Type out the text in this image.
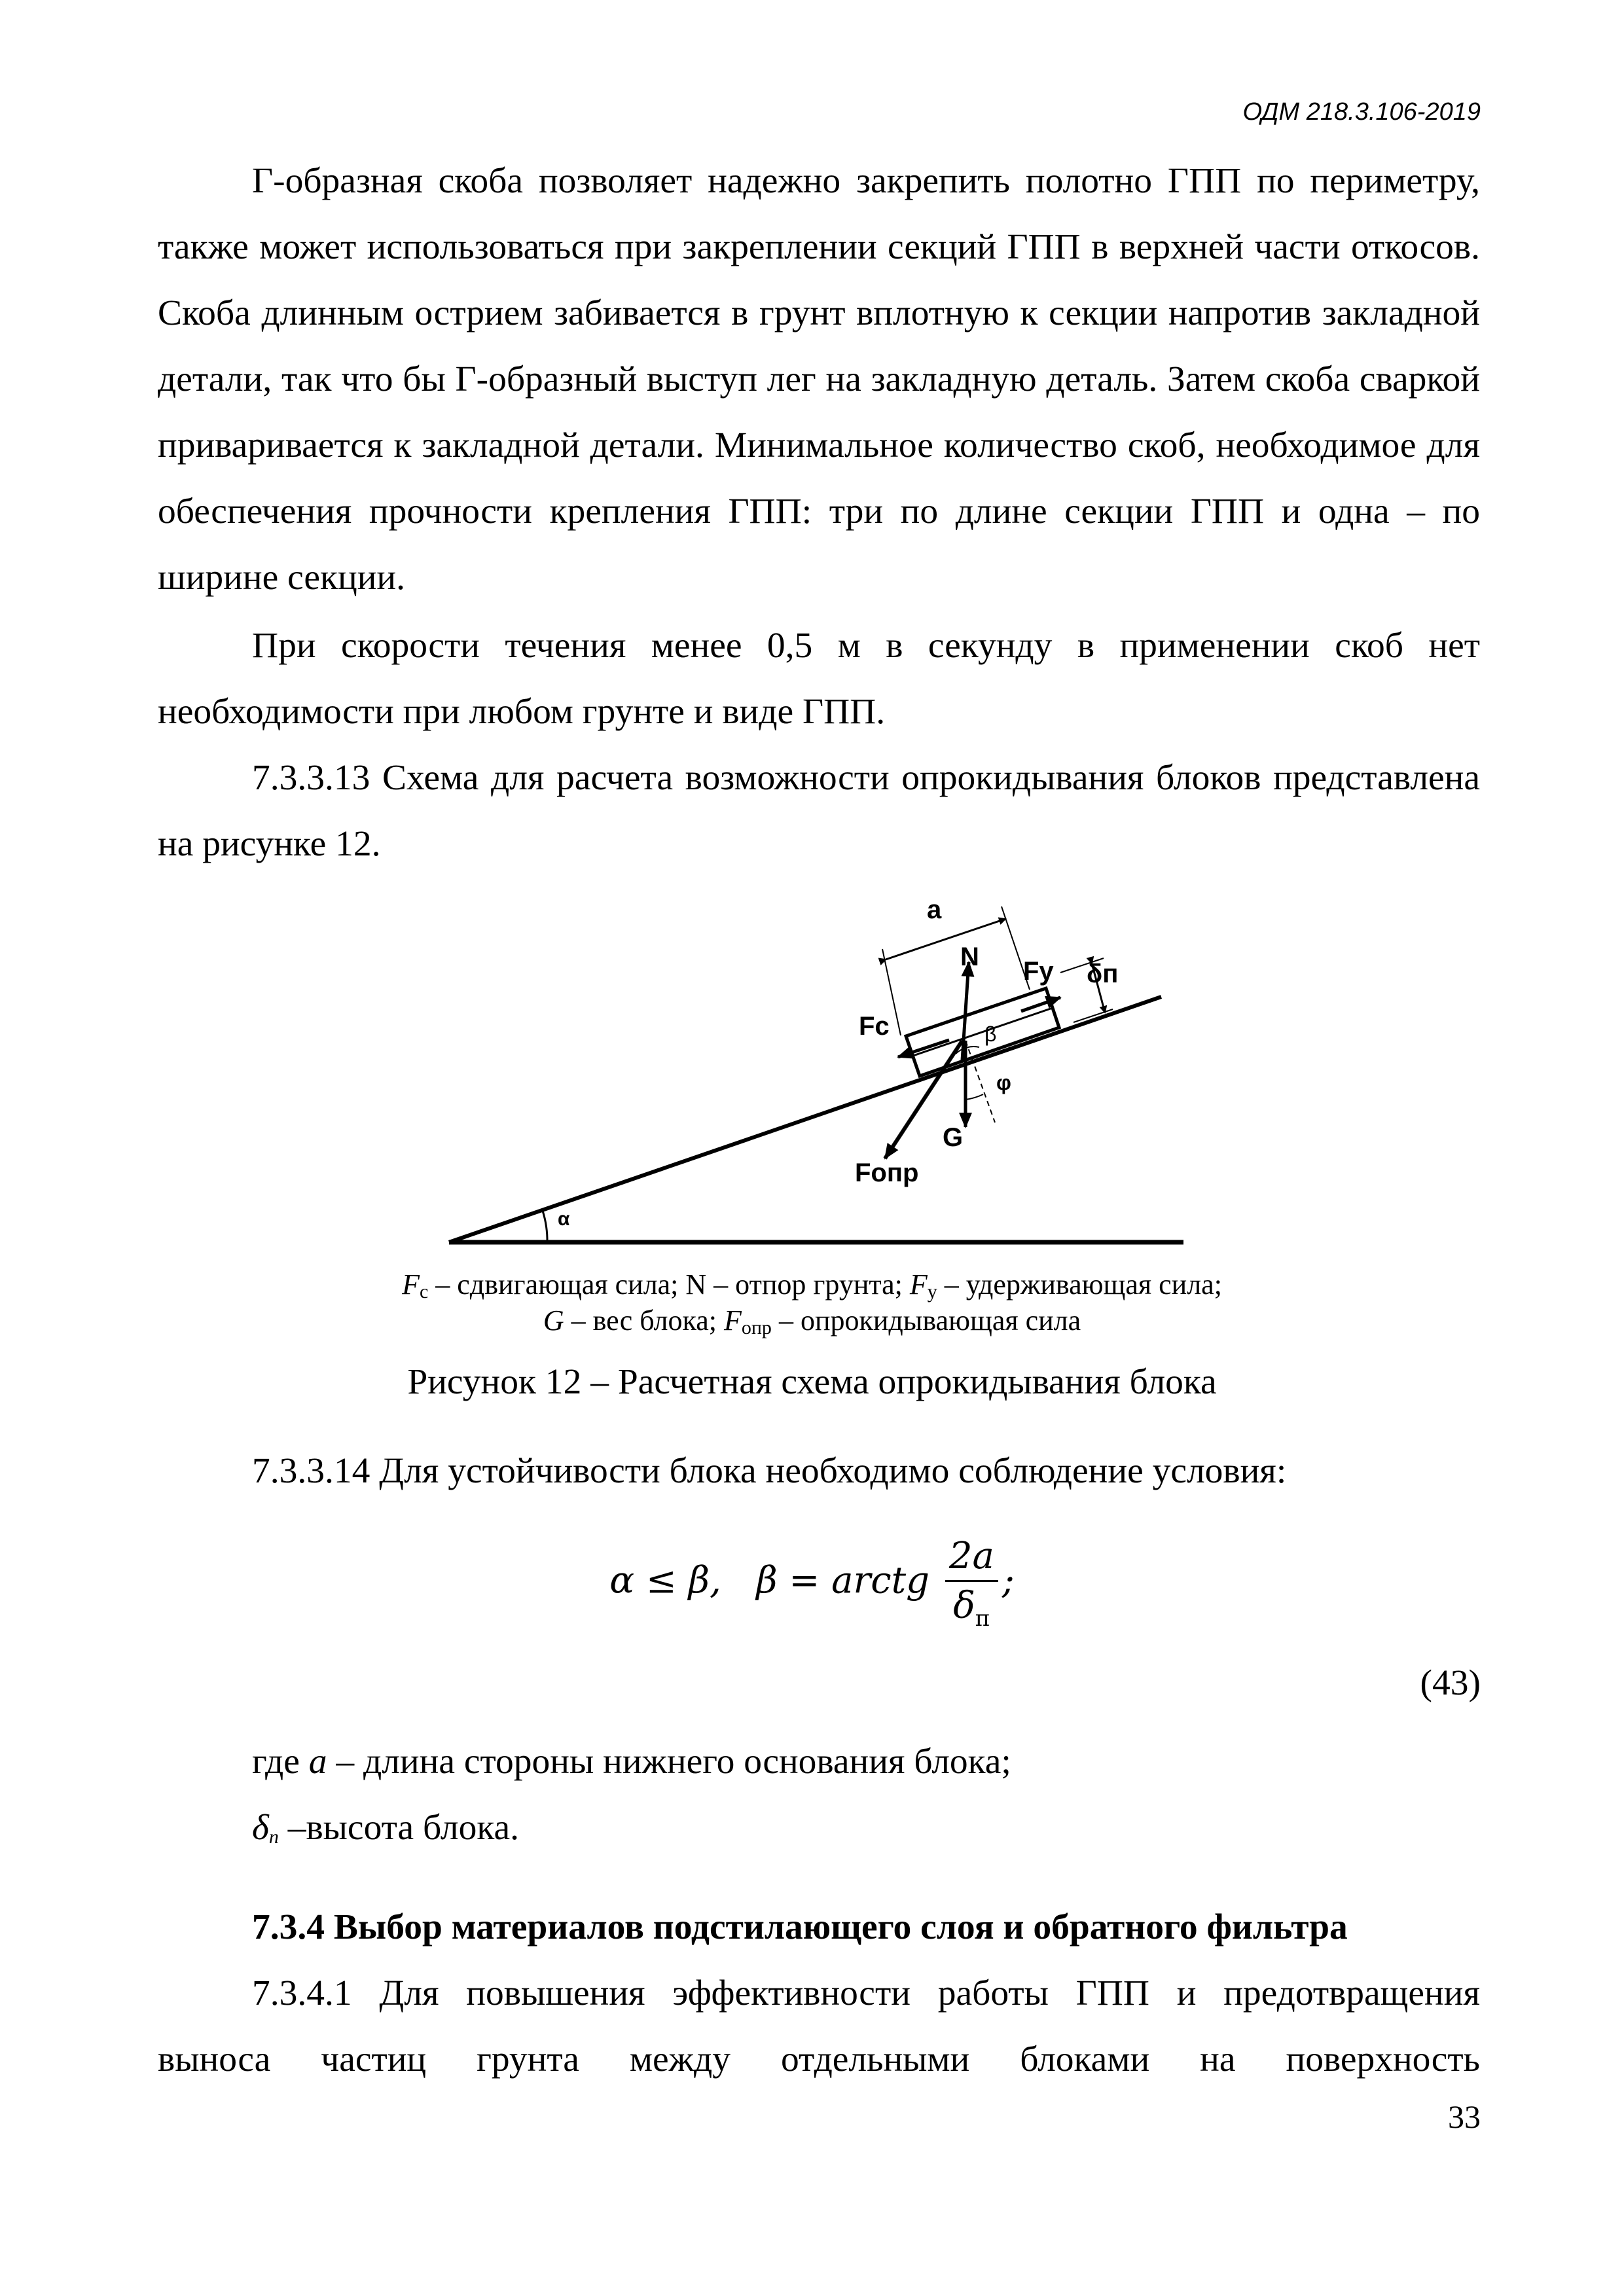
ОДМ 218.3.106-2019

Г-образная скоба позволяет надежно закрепить полотно ГПП по периметру, также может использоваться при закреплении секций ГПП в верхней части откосов. Скоба длинным острием забивается в грунт вплотную к секции напротив закладной детали, так что бы Г-образный выступ лег на закладную деталь. Затем скоба сваркой приваривается к закладной детали. Минимальное количество скоб, необходимое для обеспечения прочности крепления ГПП: три по длине секции ГПП и одна – по ширине секции.

При скорости течения менее 0,5 м в секунду в применении скоб нет необходимости при любом грунте и виде ГПП.

7.3.3.13 Схема для расчета возможности опрокидывания блоков представлена на рисунке 12.

a
N Fy δп
Fc	β
φ
G
Fопр
α

$F_c$ – сдвигающая сила; N – отпор грунта; $F_y$ – удерживающая сила;

G – вес блока; $F_{опр}$ – опрокидывающая сила

Рисунок 12 – Расчетная схема опрокидывания блока

7.3.3.14 Для устойчивости блока необходимо соблюдение условия:

α ≤ β, β = arctg $\frac{2a}{\delta_п}$ ;
(43)

где a – длина стороны нижнего основания блока;

$\delta_n$ –высота блока.

7.3.4 Выбор материалов подстилающего слоя и обратного фильтра

7.3.4.1 Для повышения эффективности работы ГПП и предотвращения

выноса частиц грунта между отдельными блоками на поверхность

33
